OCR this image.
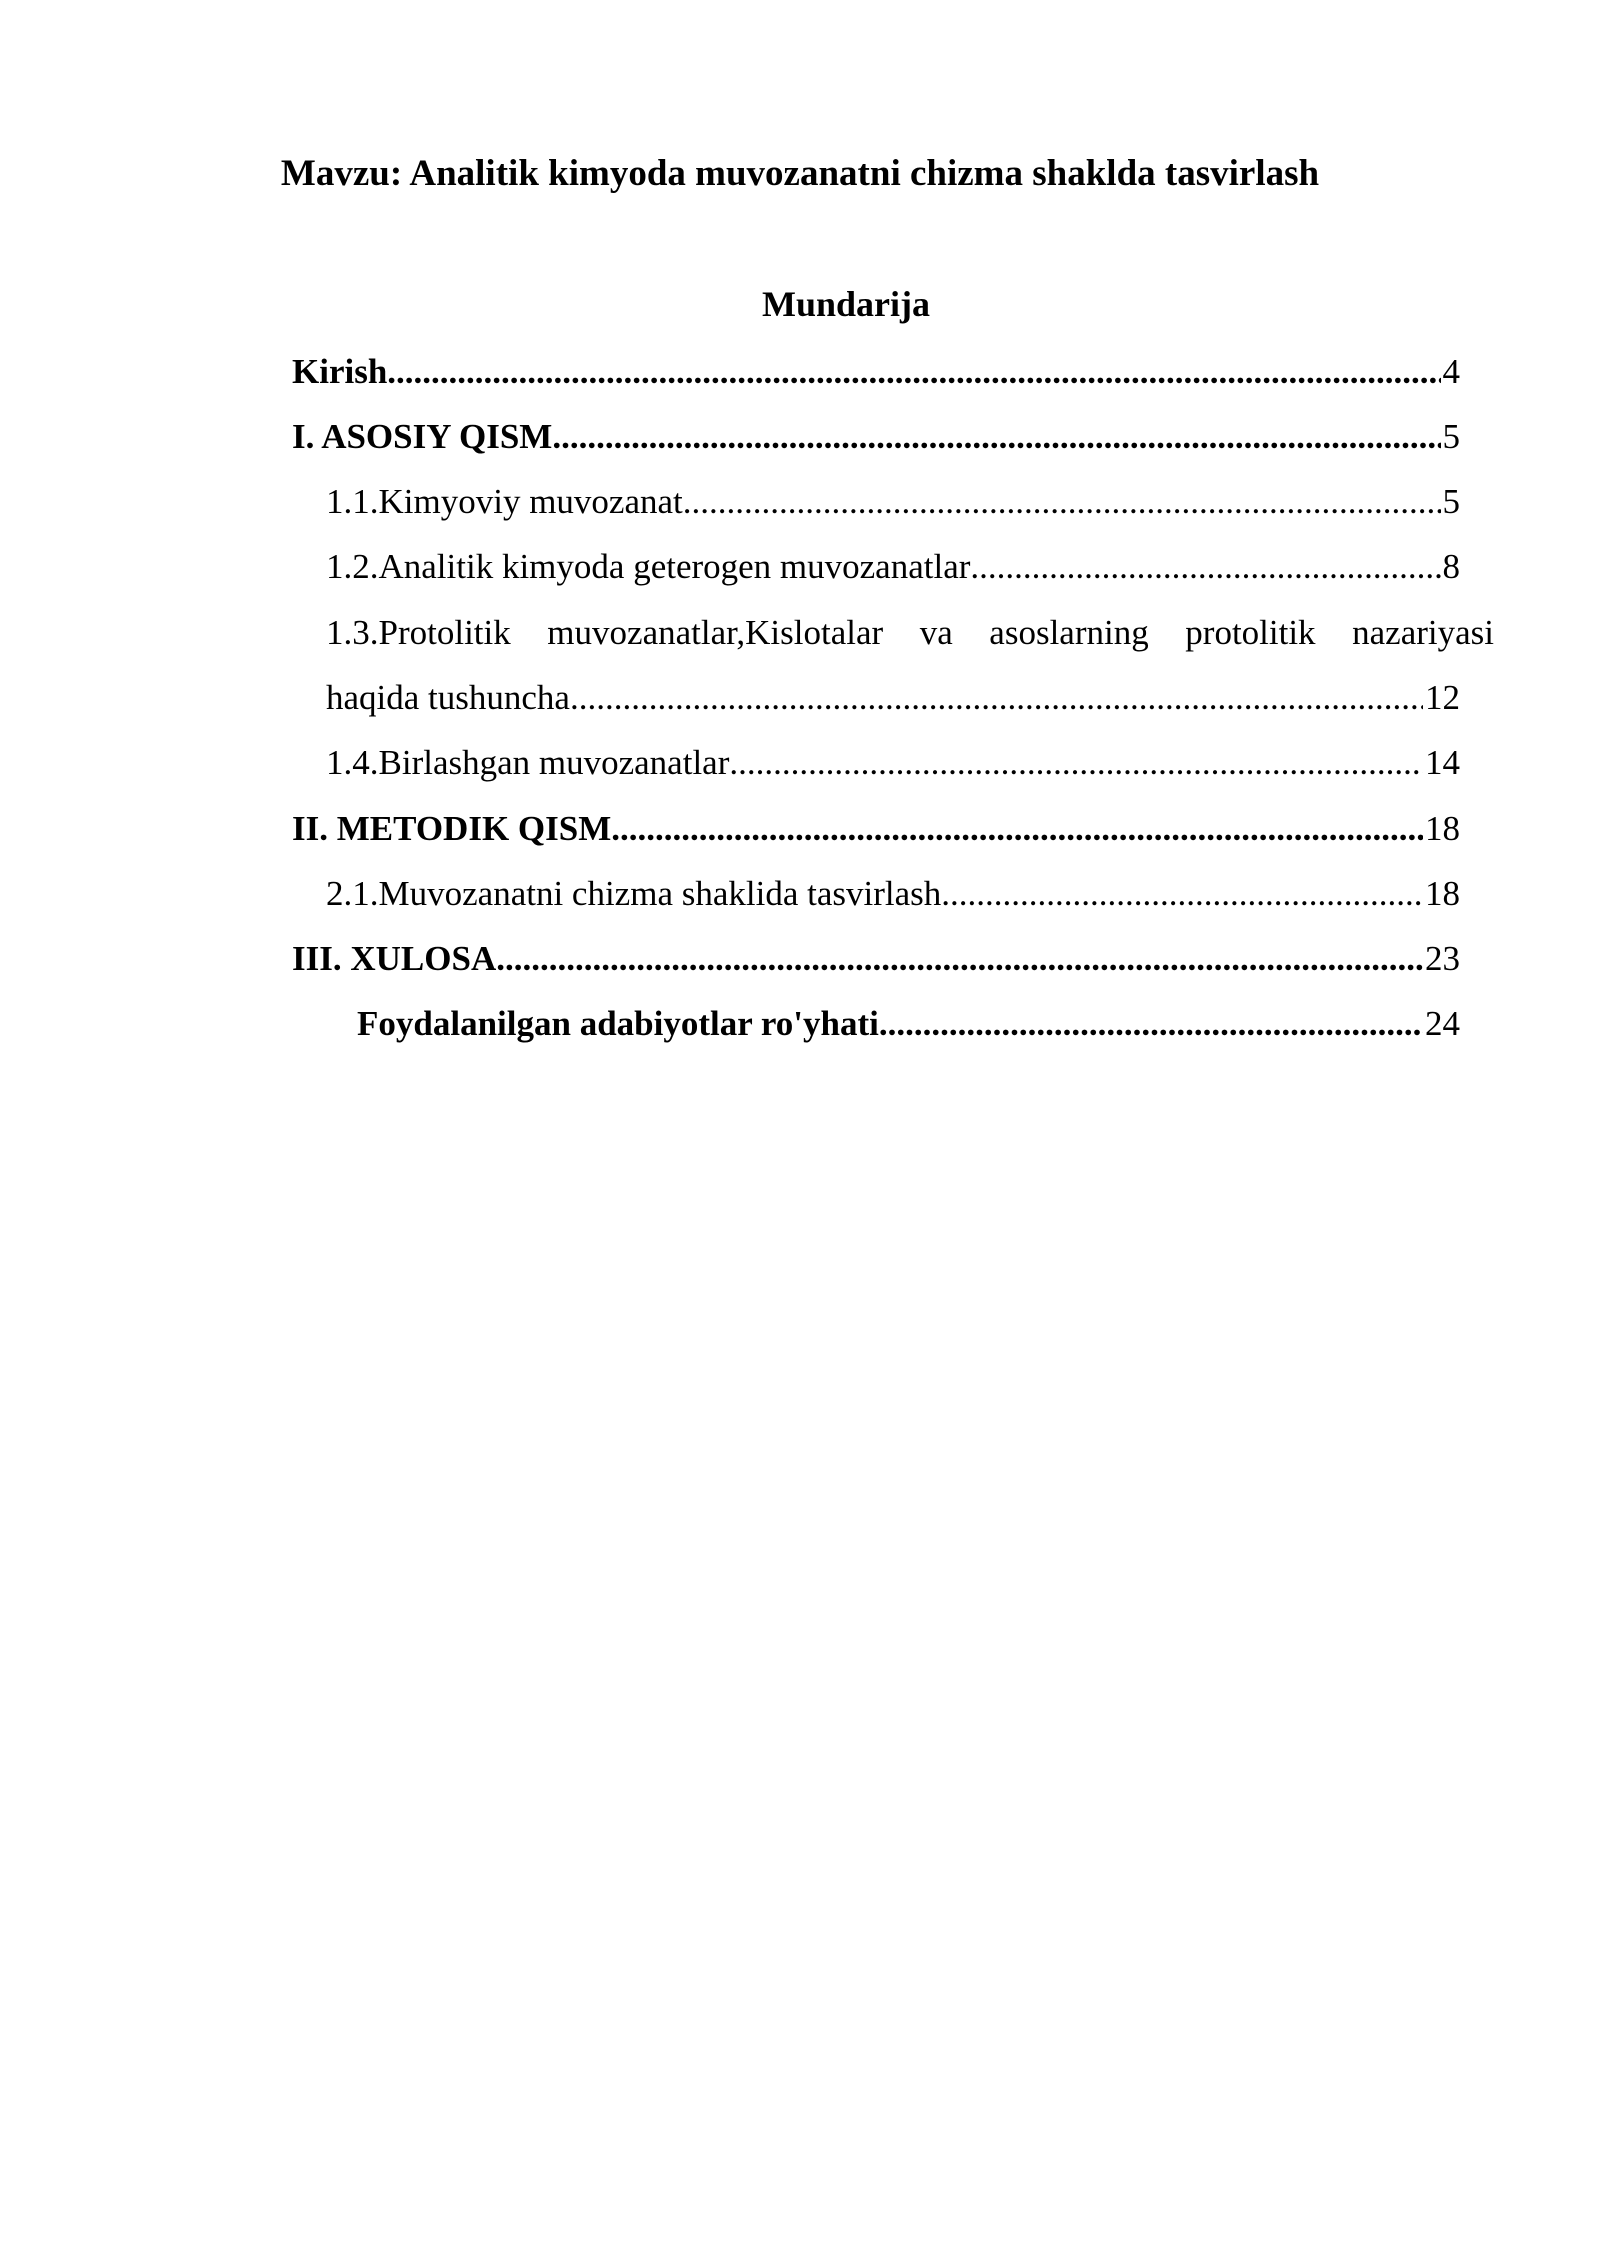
Mavzu: Analitik kimyoda muvozanatni chizma shaklda tasvirlash
Mundarija
Kirish .....	4
I. ASOSIY QISM .....	5
1.1.Kimyoviy muvozanat .....	5
1.2.Analitik kimyoda geterogen muvozanatlar .....	8
1.3.Protolitik muvozanatlar,Kislotalar va asoslarning protolitik nazariyasi
haqida tushuncha .....	12
1.4.Birlashgan muvozanatlar .....	14
II. METODIK QISM .....	18
2.1.Muvozanatni chizma shaklida tasvirlash .....	18
III. XULOSA .....	23
Foydalanilgan adabiyotlar ro'yhati .....	24
